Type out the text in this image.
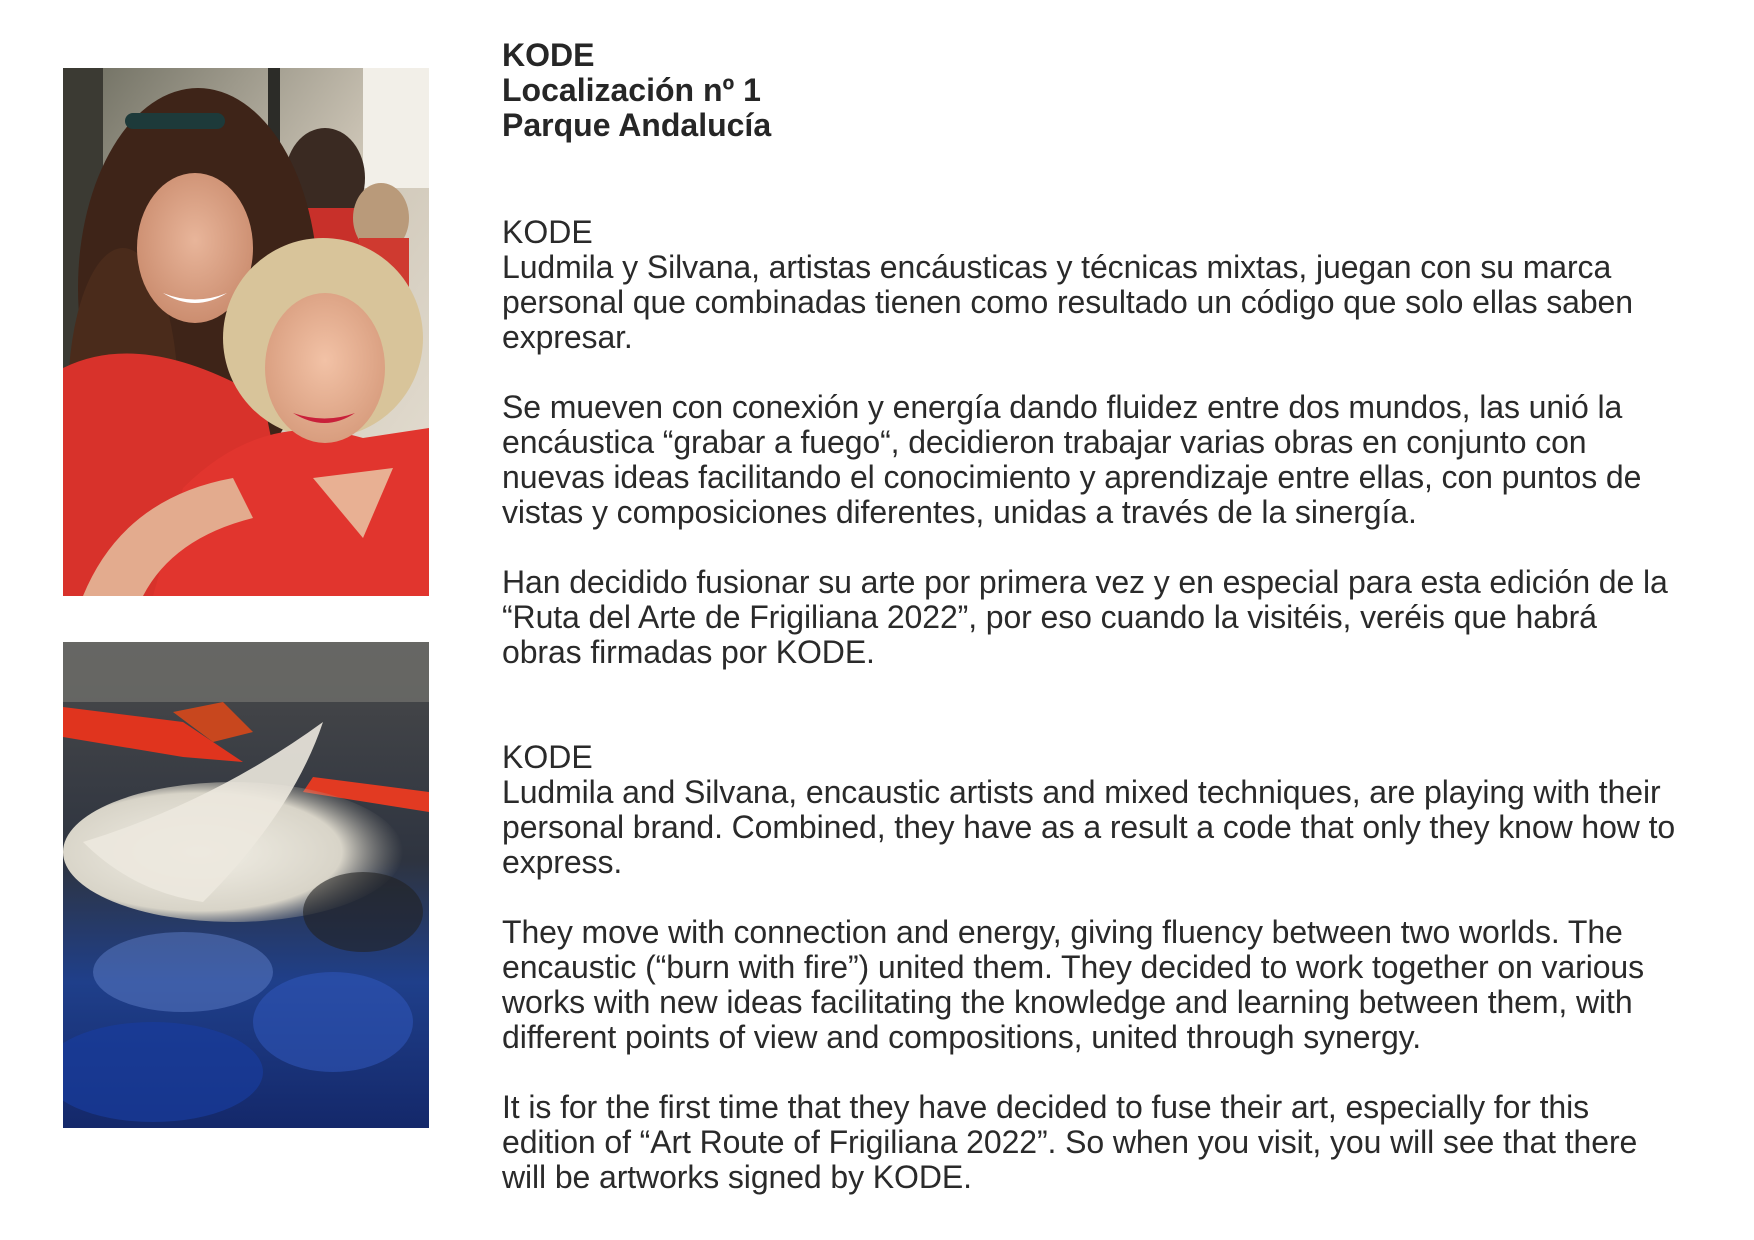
KODE
Localización nº 1
Parque Andalucía

KODE

Ludmila y Silvana, artistas encáusticas y técnicas mixtas, juegan con su marca personal que combinadas tienen como resultado un código que solo ellas saben expresar.

Se mueven con conexión y energía dando fluidez entre dos mundos, las unió la encáustica “grabar a fuego“, decidieron trabajar varias obras en conjunto con nuevas ideas facilitando el conocimiento y aprendizaje entre ellas, con puntos de vistas y composiciones diferentes, unidas a través de la sinergía.

Han decidido fusionar su arte por primera vez y en especial para esta edición de la “Ruta del Arte de Frigiliana 2022”, por eso cuando la visitéis, veréis que habrá obras firmadas por KODE.

KODE

Ludmila and Silvana, encaustic artists and mixed techniques, are playing with their personal brand. Combined, they have as a result a code that only they know how to express.

They move with connection and energy, giving fluency between two worlds. The encaustic (“burn with fire”) united them. They decided to work together on various works with new ideas facilitating the knowledge and learning between them, with different points of view and compositions, united through synergy.

It is for the first time that they have decided to fuse their art, especially for this edition of “Art Route of Frigiliana 2022”. So when you visit, you will see that there will be artworks signed by KODE.
